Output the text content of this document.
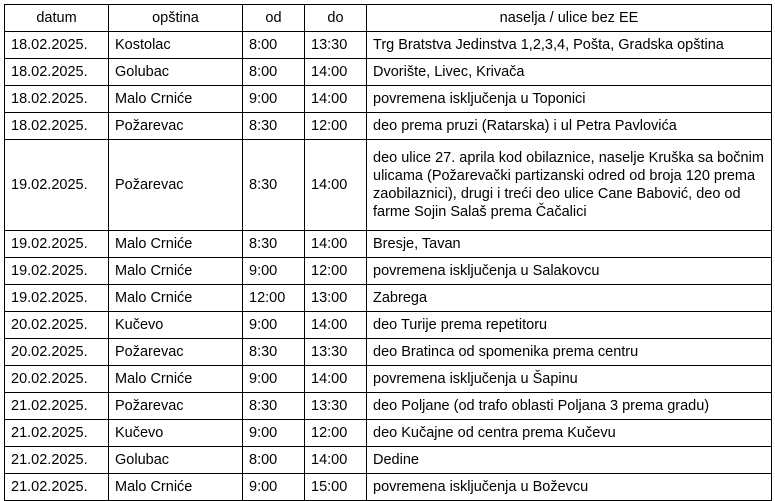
datum	opština	od	do	naselja / ulice bez EE
18.02.2025.	Kostolac	8:00	13:30	Trg Bratstva Jedinstva 1,2,3,4, Pošta, Gradska opština
18.02.2025.	Golubac	8:00	14:00	Dvorište, Livec, Krivača
18.02.2025.	Malo Crniće	9:00	14:00	povremena isključenja u Toponici
18.02.2025.	Požarevac	8:30	12:00	deo prema pruzi (Ratarska) i ul Petra Pavlovića
19.02.2025.	Požarevac	8:30	14:00	deo ulice 27. aprila kod obilaznice, naselje Kruška sa bočnim ulicama (Požarevački partizanski odred od broja 120 prema zaobilaznici), drugi i treći deo ulice Cane Babović, deo od farme Sojin Salaš prema Čačalici
19.02.2025.	Malo Crniće	8:30	14:00	Bresje, Tavan
19.02.2025.	Malo Crniće	9:00	12:00	povremena isključenja u Salakovcu
19.02.2025.	Malo Crniće	12:00	13:00	Zabrega
20.02.2025.	Kučevo	9:00	14:00	deo Turije prema repetitoru
20.02.2025.	Požarevac	8:30	13:30	deo Bratinca od spomenika prema centru
20.02.2025.	Malo Crniće	9:00	14:00	povremena isključenja u Šapinu
21.02.2025.	Požarevac	8:30	13:30	deo Poljane (od trafo oblasti Poljana 3 prema gradu)
21.02.2025.	Kučevo	9:00	12:00	deo Kučajne od centra prema Kučevu
21.02.2025.	Golubac	8:00	14:00	Dedine
21.02.2025.	Malo Crniće	9:00	15:00	povremena isključenja u Boževcu
